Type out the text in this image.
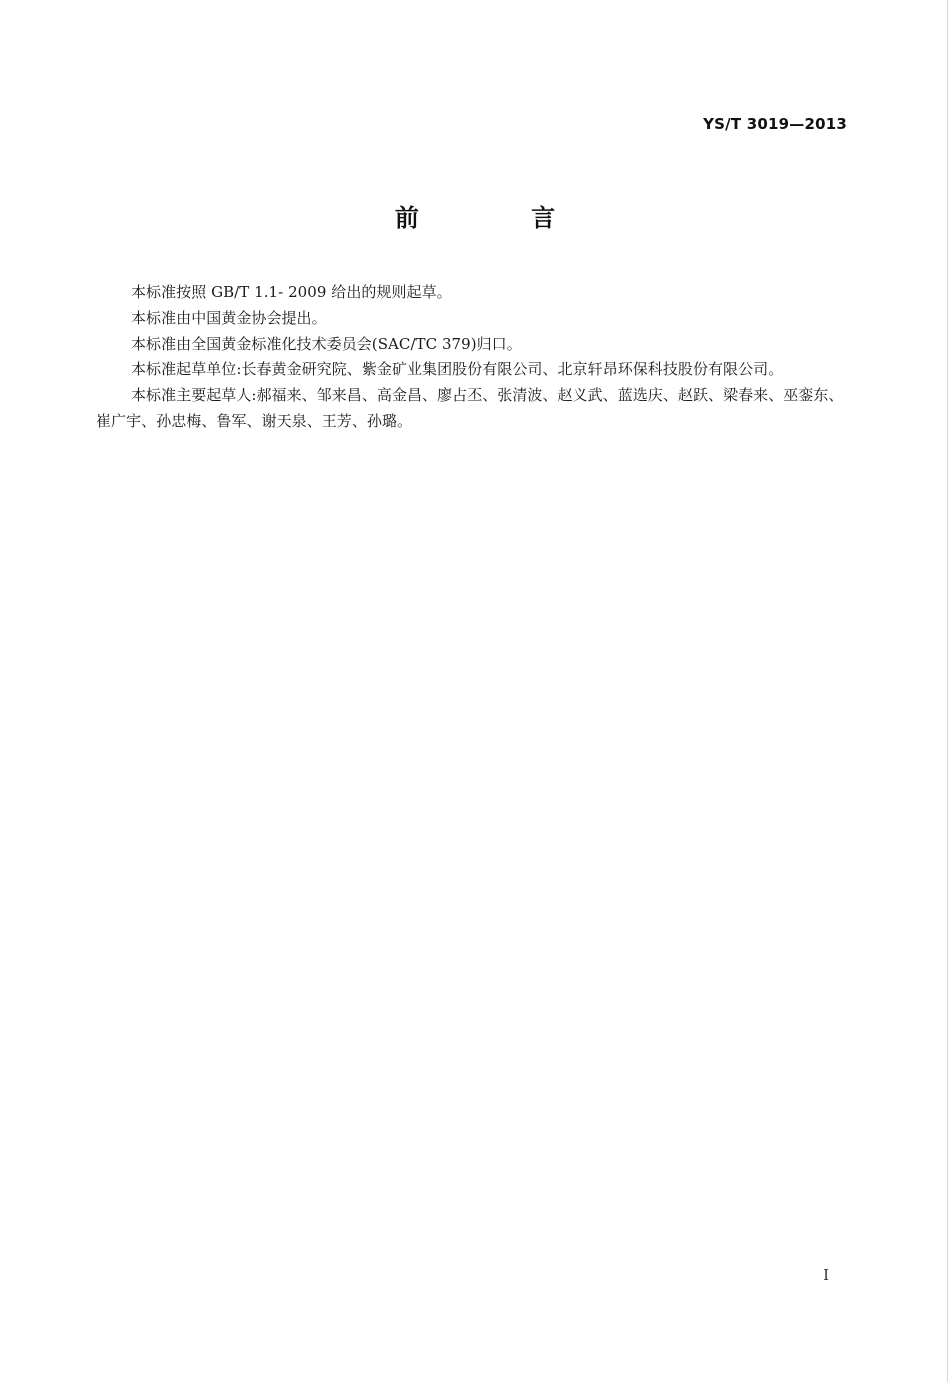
YS/T 3019—2013
前 言

本标准按照 GB/T 1.1- 2009 给出的规则起草。

本标准由中国黄金协会提出。

本标准由全国黄金标准化技术委员会(SAC/TC 379)归口。

本标准起草单位:长春黄金研究院、紫金矿业集团股份有限公司、北京轩昂环保科技股份有限公司。

本标准主要起草人:郝福来、邹来昌、高金昌、廖占丕、张清波、赵义武、蓝选庆、赵跃、梁春来、巫銮东、崔广宇、孙忠梅、鲁军、谢天泉、王芳、孙璐。

I
